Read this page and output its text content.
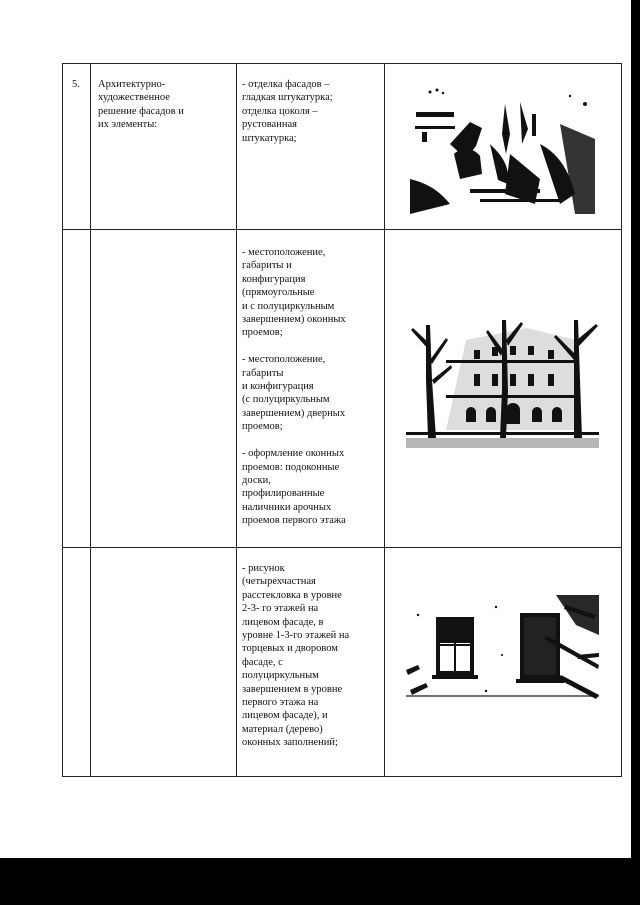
5. Архитектурно-
художественное
решение фасадов и
их элементы:
- отделка фасадов –
гладкая штукатурка;
отделка цоколя –
рустованная
штукатурка;
- местоположение,
габариты и
конфигурация
(прямоугольные
и с полуциркульным
завершением) оконных
проемов;

- местоположение,
габариты
и конфигурация
(с полуциркульным
завершением) дверных
проемов;

- оформление оконных
проемов: подоконные
доски,
профилированные
наличники арочных
проемов первого этажа
- рисунок
(четырехчастная
расстекловка в уровне
2-3- го этажей на
лицевом фасаде, в
уровне 1-3-го этажей на
торцевых и дворовом
фасаде, с
полуциркульным
завершением в уровне
первого этажа на
лицевом фасаде), и
материал (дерево)
оконных заполнений;
